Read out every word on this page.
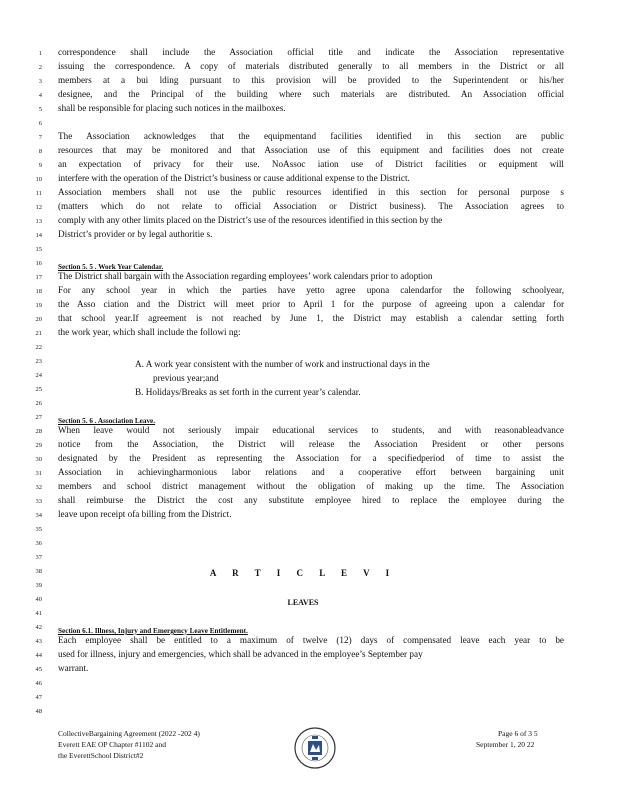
1 correspondence shall include the Association official title and indicate the Association representative
2 issuing the correspondence. A copy of materials distributed generally to all members in the District or all
3 members at a bui lding pursuant to this provision will be provided to the Superintendent or his/her
4 designee, and the Principal of the building where such materials are distributed. An Association official
5 shall be responsible for placing such notices in the mailboxes.
6
7 The Association acknowledges that the equipmentand facilities identified in this section are public
8 resources that may be monitored and that Association use of this equipment and facilities does not create
9 an expectation of privacy for their use. NoAssoc iation use of District facilities or equipment will
10 interfere with the operation of the District’s business or cause additional expense to the District.
11 Association members shall not use the public resources identified in this section for personal purpose s
12 (matters which do not relate to official Association or District business). The Association agrees to
13 comply with any other limits placed on the District’s use of the resources identified in this section by the
14 District’s provider or by legal authoritie s.
15
16
17 The District shall bargain with the Association regarding employees’ work calendars prior to adoption
18 For any school year in which the parties have yetto agree upona calendarfor the following schoolyear,
19 the Asso ciation and the District will meet prior to April 1 for the purpose of agreeing upon a calendar for
20 that school year.If agreement is not reached by June 1, the District may establish a calendar setting forth
21 the work year, which shall include the followi ng:
22
23
24
25
26
27
28 When leave would not seriously impair educational services to students, and with reasonableadvance
29 notice from the Association, the District will release the Association President or other persons
30 designated by the President as representing the Association for a specifiedperiod of time to assist the
31 Association in achievingharmonious labor relations and a cooperative effort between bargaining unit
32 members and school district management without the obligation of making up the time. The Association
33 shall reimburse the District the cost any substitute employee hired to replace the employee during the
34 leave upon receipt ofa billing from the District.
35
36
37
38
39
40
41
42
43 Each employee shall be entitled to a maximum of twelve (12) days of compensated leave each year to be
44 used for illness, injury and emergencies, which shall be advanced in the employee’s September pay
45 warrant.
46
47
48
Section 5. 5 . Work Year Calendar.
Section 5. 6 . Association Leave.
Section 6.1. Illness, Injury and Emergency Leave Entitlement.
A. A work year consistent with the number of work and instructional days in the
previous year;and
B. Holidays/Breaks as set forth in the current year’s calendar.
A R T I C L E V I
LEAVES
CollectiveBargaining Agreement (2022 -202 4)
Everett EAE OP Chapter #1102 and
the EverettSchool District#2
Page 6 of 3 5
September 1, 20 22
